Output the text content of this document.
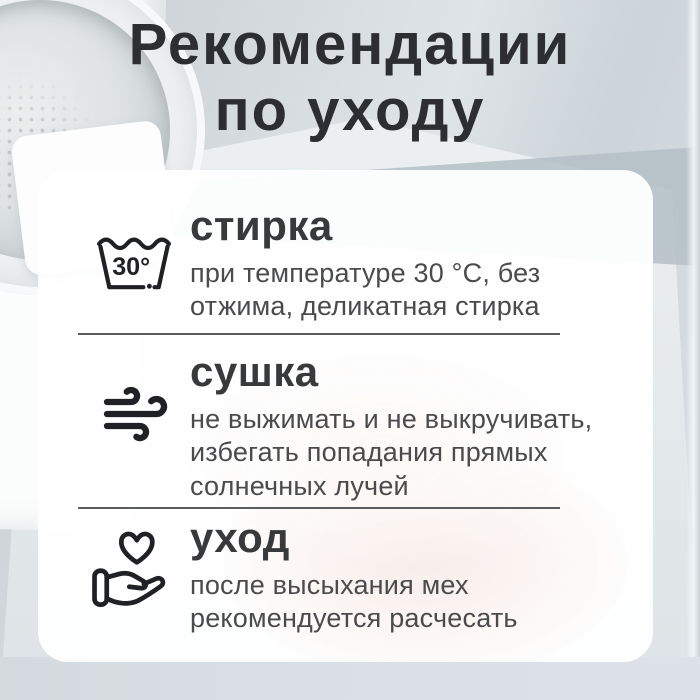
Рекомендации
по уходу
30°
стирка
при температуре 30 °C, без
отжима, деликатная стирка
сушка
не выжимать и не выкручивать,
избегать попадания прямых
солнечных лучей
уход
после высыхания мех
рекомендуется расчесать
